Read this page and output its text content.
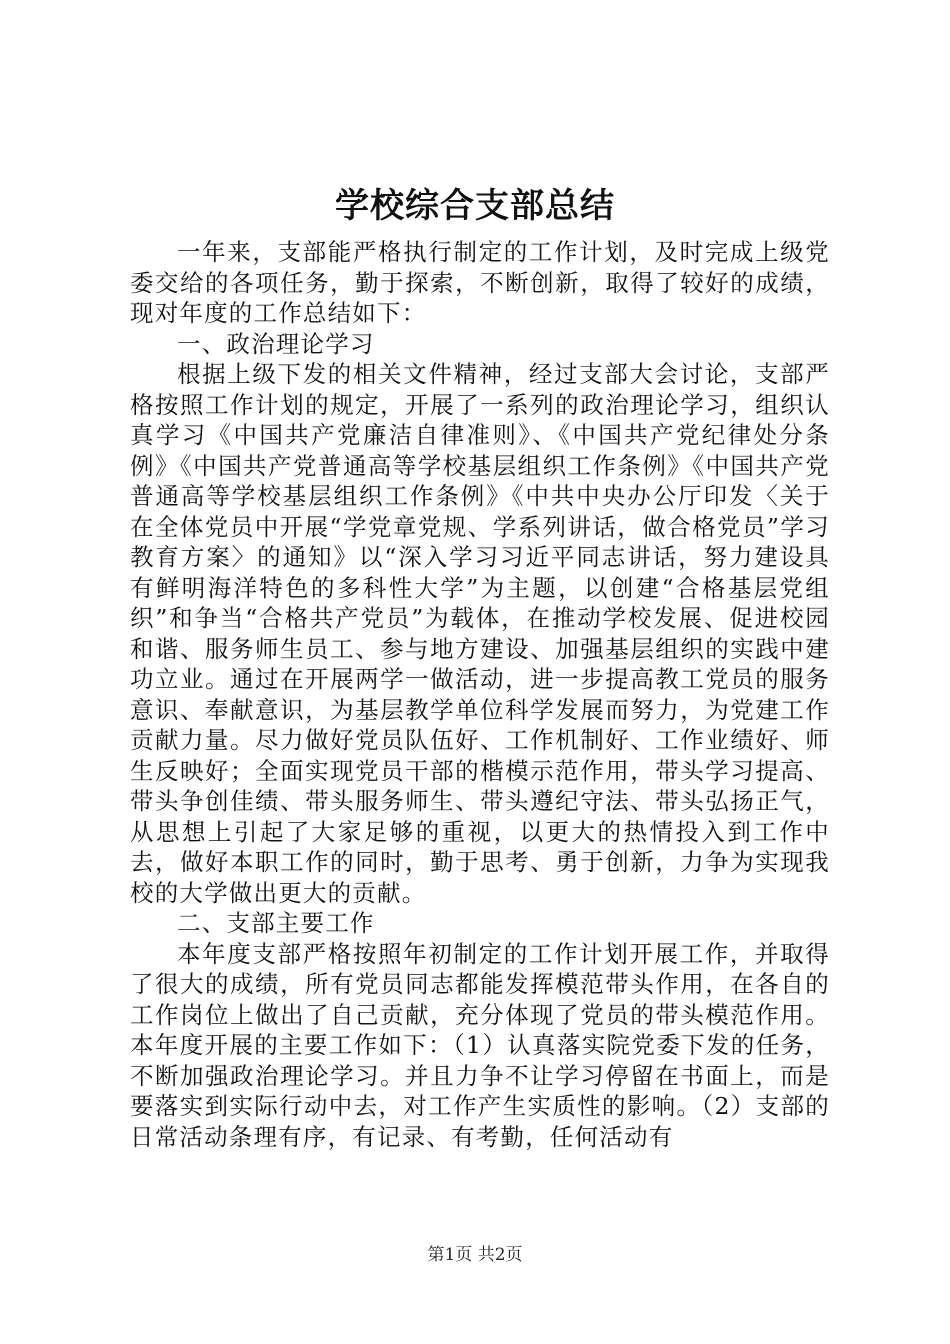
学校综合支部总结

一年来，支部能严格执行制定的工作计划，及时完成上级党委交给的各项任务，勤于探索，不断创新，取得了较好的成绩，现对年度的工作总结如下：

一、政治理论学习

根据上级下发的相关文件精神，经过支部大会讨论，支部严格按照工作计划的规定，开展了一系列的政治理论学习，组织认真学习《中国共产党廉洁自律准则》、《中国共产党纪律处分条例》《中国共产党普通高等学校基层组织工作条例》《中国共产党普通高等学校基层组织工作条例》《中共中央办公厅印发〈关于在全体党员中开展“学党章党规、学系列讲话，做合格党员”学习教育方案〉的通知》以“深入学习习近平同志讲话，努力建设具有鲜明海洋特色的多科性大学”为主题，以创建“合格基层党组织”和争当“合格共产党员”为载体，在推动学校发展、促进校园和谐、服务师生员工、参与地方建设、加强基层组织的实践中建功立业。通过在开展两学一做活动，进一步提高教工党员的服务意识、奉献意识，为基层教学单位科学发展而努力，为党建工作贡献力量。尽力做好党员队伍好、工作机制好、工作业绩好、师生反映好；全面实现党员干部的楷模示范作用，带头学习提高、带头争创佳绩、带头服务师生、带头遵纪守法、带头弘扬正气，从思想上引起了大家足够的重视，以更大的热情投入到工作中去，做好本职工作的同时，勤于思考、勇于创新，力争为实现我校的大学做出更大的贡献。

二、支部主要工作

本年度支部严格按照年初制定的工作计划开展工作，并取得了很大的成绩，所有党员同志都能发挥模范带头作用，在各自的工作岗位上做出了自己贡献，充分体现了党员的带头模范作用。本年度开展的主要工作如下：（1）认真落实院党委下发的任务，不断加强政治理论学习。并且力争不让学习停留在书面上，而是要落实到实际行动中去，对工作产生实质性的影响。（2）支部的日常活动条理有序，有记录、有考勤，任何活动有

第1页 共2页
